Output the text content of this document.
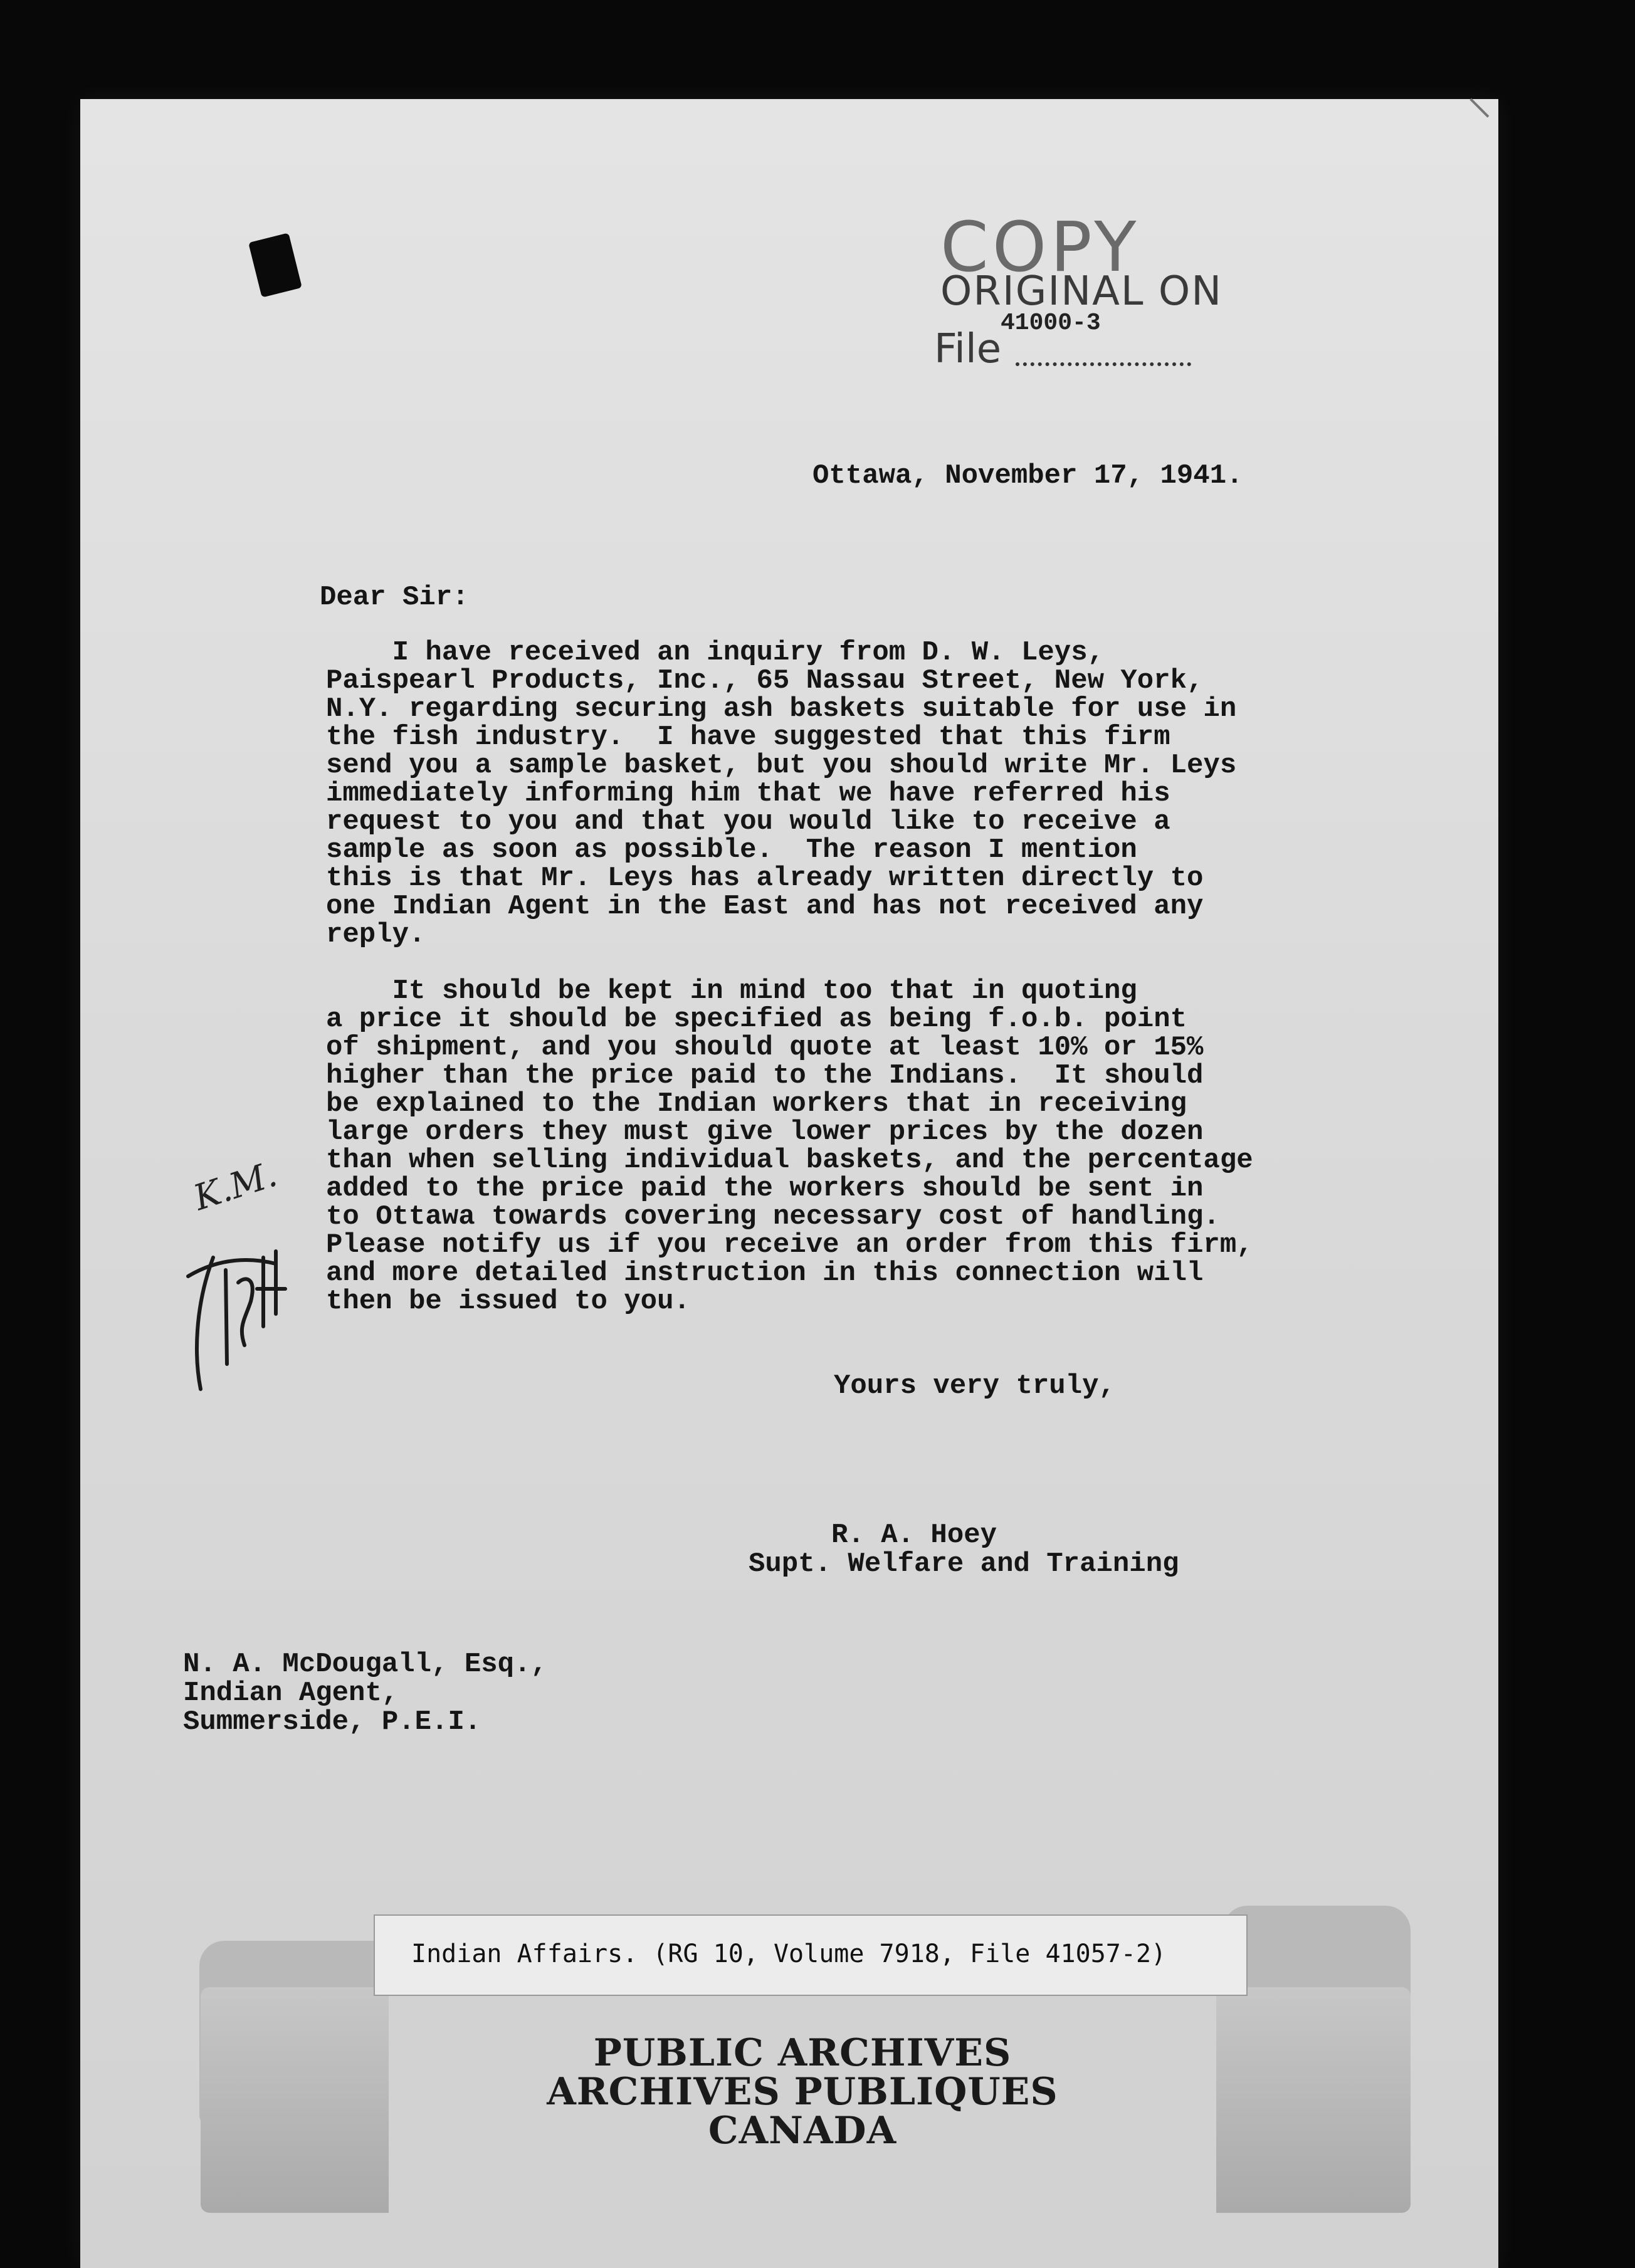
COPY
ORIGINAL ON
File
41000-3
Ottawa, November 17, 1941.
Dear Sir:
I have received an inquiry from D. W. Leys,
Paispearl Products, Inc., 65 Nassau Street, New York,
N.Y. regarding securing ash baskets suitable for use in
the fish industry.  I have suggested that this firm
send you a sample basket, but you should write Mr. Leys
immediately informing him that we have referred his
request to you and that you would like to receive a
sample as soon as possible.  The reason I mention
this is that Mr. Leys has already written directly to
one Indian Agent in the East and has not received any
reply.
It should be kept in mind too that in quoting
a price it should be specified as being f.o.b. point
of shipment, and you should quote at least 10% or 15%
higher than the price paid to the Indians.  It should
be explained to the Indian workers that in receiving
large orders they must give lower prices by the dozen
than when selling individual baskets, and the percentage
added to the price paid the workers should be sent in
to Ottawa towards covering necessary cost of handling.
Please notify us if you receive an order from this firm,
and more detailed instruction in this connection will
then be issued to you.
K.M.
Yours very truly,
R. A. Hoey
Supt. Welfare and Training
N. A. McDougall, Esq.,
Indian Agent,
Summerside, P.E.I.
Indian Affairs. (RG 10, Volume 7918, File 41057-2)
PUBLIC ARCHIVES
ARCHIVES PUBLIQUES
CANADA
